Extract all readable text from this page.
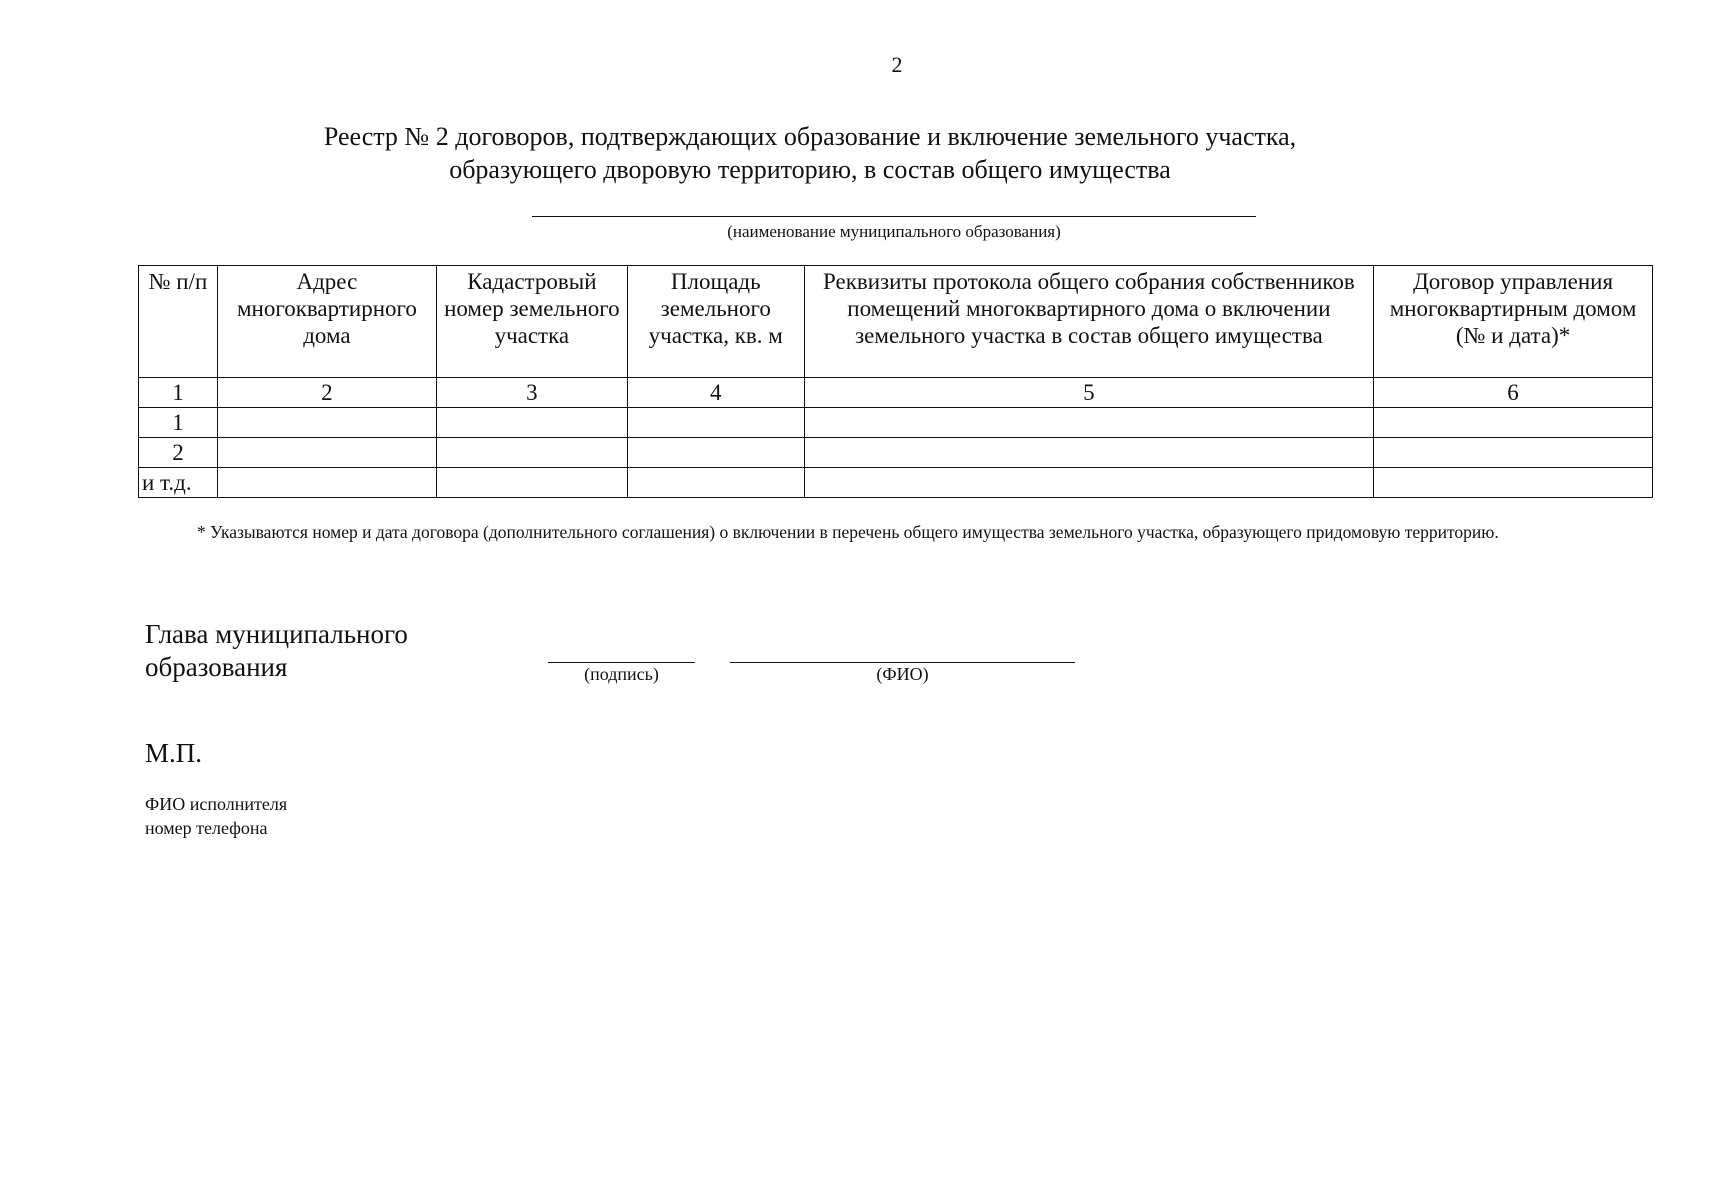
2
Реестр № 2 договоров, подтверждающих образование и включение земельного участка,
образующего дворовую территорию, в состав общего имущества
(наименование муниципального образования)
№ п/п	Адрес многоквартирного дома	Кадастровый номер земельного участка	Площадь земельного участка, кв. м	Реквизиты протокола общего собрания собственников помещений многоквартирного дома о включении земельного участка в состав общего имущества	Договор управления многоквартирным домом (№ и дата)*
1	2	3	4	5	6
1					
2					
и т.д.					
* Указываются номер и дата договора (дополнительного соглашения) о включении в перечень общего имущества земельного участка, образующего придомовую территорию.
Глава муниципального
образования	(подпись)	(ФИО)
М.П.
ФИО исполнителя
номер телефона
